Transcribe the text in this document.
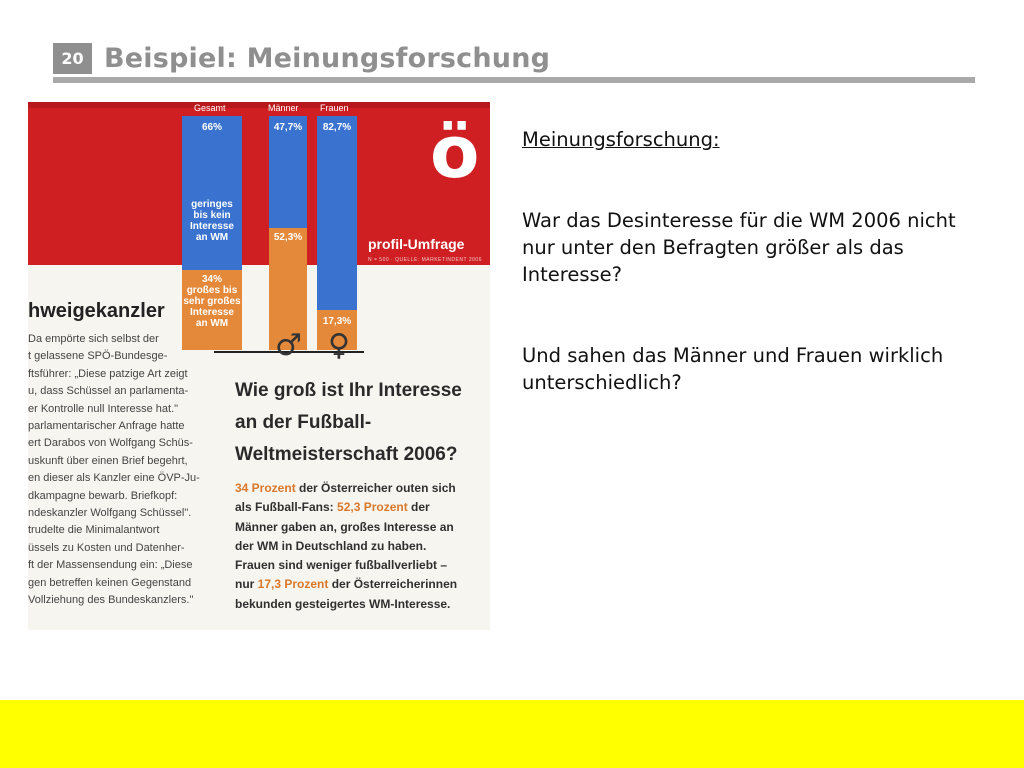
20 Beispiel: Meinungsforschung
Gesamt	Männer Frauen
66%
geringes
bis kein
Interesse
an WM
34%
großes bis
sehr großes
Interesse
an WM
47,7%
52,3%
82,7%
17,3%
ö
profil-Umfrage
N = 500 · QUELLE: MARKETINDENT 2006
♂ ♀
hweigekanzler
Da empörte sich selbst der
t gelassene SPÖ-Bundesge-
ftsführer: „Diese patzige Art zeigt
u, dass Schüssel an parlamenta-
er Kontrolle null Interesse hat."
parlamentarischer Anfrage hatte
ert Darabos von Wolfgang Schüs-
uskunft über einen Brief begehrt,
en dieser als Kanzler eine ÖVP-Ju-
dkampagne bewarb. Briefkopf:
ndeskanzler Wolfgang Schüssel".
trudelte die Minimalantwort
üssels zu Kosten und Datenher-
ft der Massensendung ein: „Diese
gen betreffen keinen Gegenstand
Vollziehung des Bundeskanzlers."
Wie groß ist Ihr Interesse
an der Fußball-
Weltmeisterschaft 2006?
34 Prozent der Österreicher outen sich
als Fußball-Fans: 52,3 Prozent der
Männer gaben an, großes Interesse an
der WM in Deutschland zu haben.
Frauen sind weniger fußballverliebt –
nur 17,3 Prozent der Österreicherinnen
bekunden gesteigertes WM-Interesse.
Meinungsforschung:
War das Desinteresse für die WM 2006 nicht nur unter den Befragten größer als das Interesse?
Und sahen das Männer und Frauen wirklich unterschiedlich?
